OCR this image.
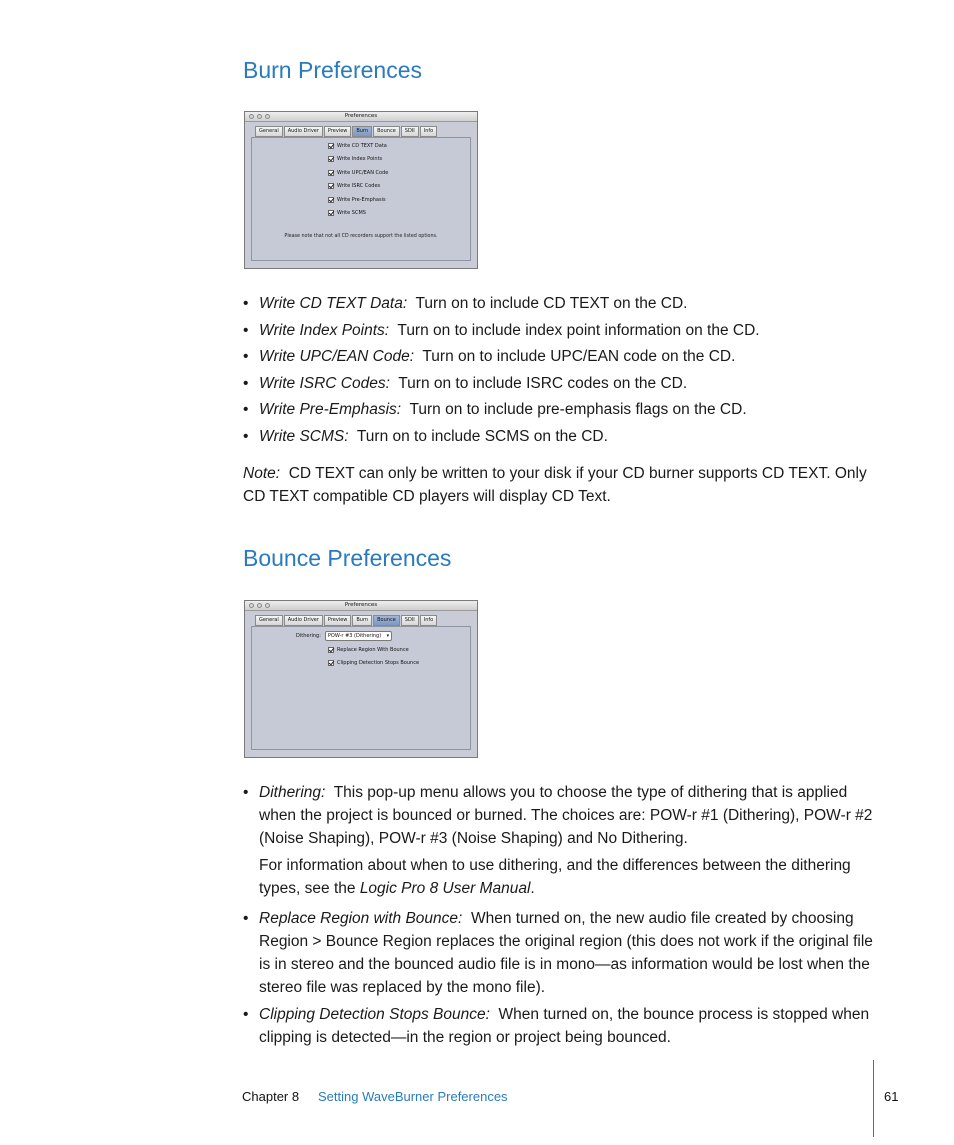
Burn Preferences
Preferences
General	Audio Driver	Preview	Burn	Bounce	SDII	Info
Write CD TEXT Data
Write Index Points
Write UPC/EAN Code
Write ISRC Codes
Write Pre-Emphasis
Write SCMS
Please note that not all CD recorders support the listed options.
• Write CD TEXT Data: Turn on to include CD TEXT on the CD.
• Write Index Points: Turn on to include index point information on the CD.
• Write UPC/EAN Code: Turn on to include UPC/EAN code on the CD.
• Write ISRC Codes: Turn on to include ISRC codes on the CD.
• Write Pre-Emphasis: Turn on to include pre-emphasis flags on the CD.
• Write SCMS: Turn on to include SCMS on the CD.
Note: CD TEXT can only be written to your disk if your CD burner supports CD TEXT. Only CD TEXT compatible CD players will display CD Text.
Bounce Preferences
Preferences
General	Audio Driver	Preview	Burn	Bounce	SDII	Info
Dithering:	POW-r #3 (Dithering) ▾
Replace Region With Bounce
Clipping Detection Stops Bounce
• Dithering: This pop-up menu allows you to choose the type of dithering that is applied when the project is bounced or burned. The choices are: POW-r #1 (Dithering), POW-r #2 (Noise Shaping), POW-r #3 (Noise Shaping) and No Dithering.
For information about when to use dithering, and the differences between the dithering types, see the Logic Pro 8 User Manual.
• Replace Region with Bounce: When turned on, the new audio file created by choosing Region > Bounce Region replaces the original region (this does not work if the original file is in stereo and the bounced audio file is in mono—as information would be lost when the stereo file was replaced by the mono file).
• Clipping Detection Stops Bounce: When turned on, the bounce process is stopped when clipping is detected—in the region or project being bounced.
Chapter 8 Setting WaveBurner Preferences	61
